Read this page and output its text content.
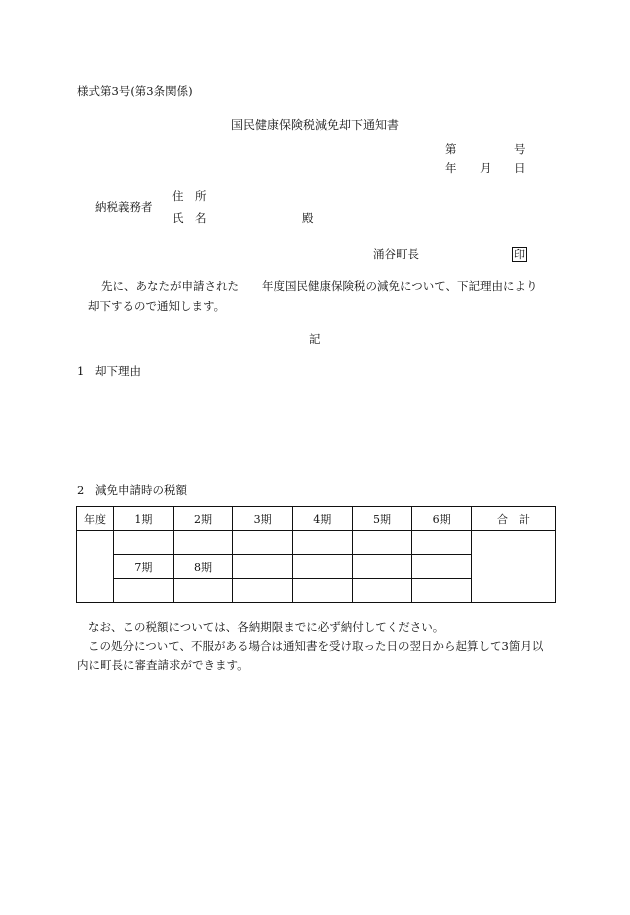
様式第3号(第3条関係)
国民健康保険税減免却下通知書
第	号
年 月 日
納税義務者
住　所
氏　名	殿
涌谷町長	印
先に、あなたが申請された　　年度国民健康保険税の減免について、下記理由により
却下するので通知します。
記
1 却下理由
2 減免申請時の税額
年度	1期	2期	3期	4期	5期	6期	合　計

	7期	8期					

なお、この税額については、各納期限までに必ず納付してください。
この処分について、不服がある場合は通知書を受け取った日の翌日から起算して3箇月以
内に町長に審査請求ができます。
